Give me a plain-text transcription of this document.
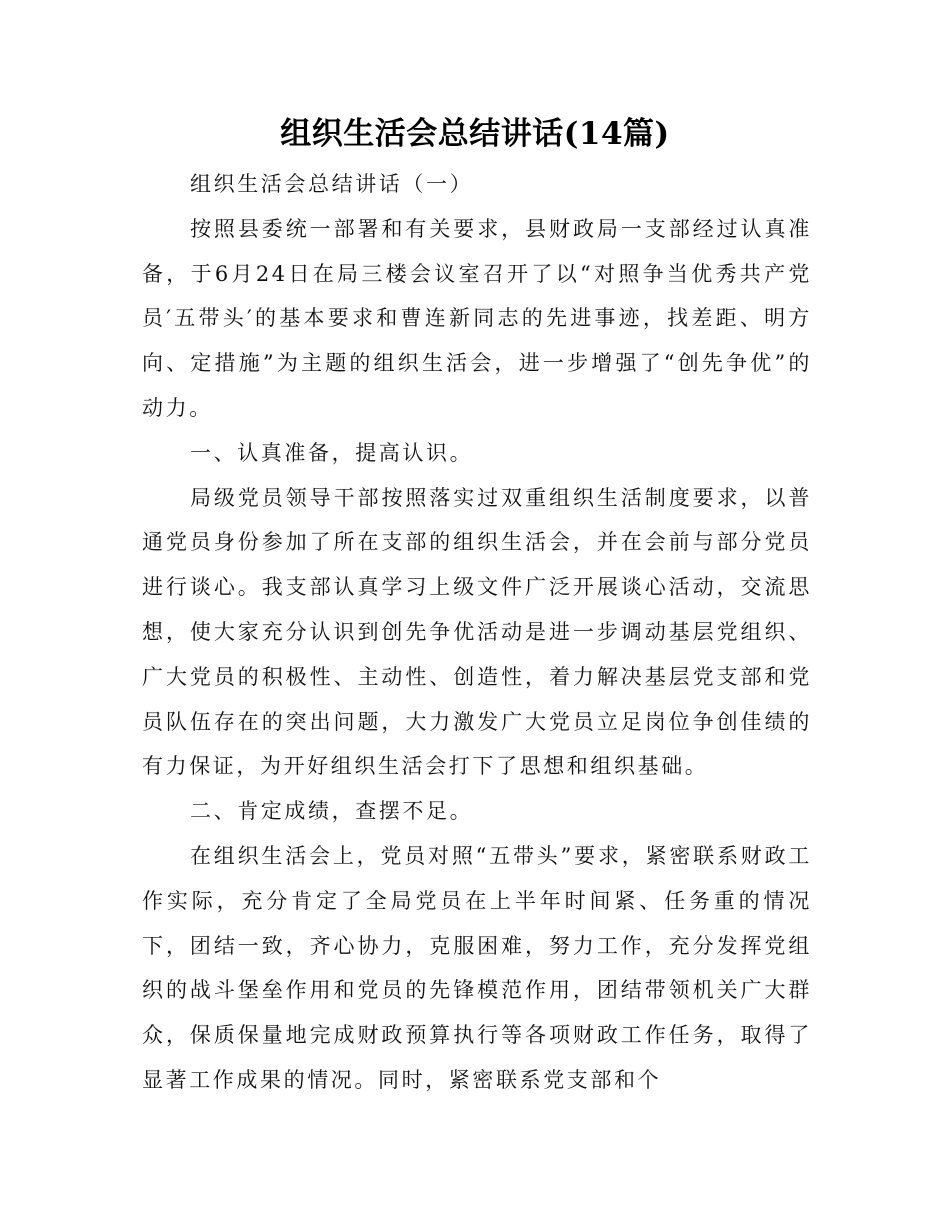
组织生活会总结讲话(14篇)

组织生活会总结讲话（一）

按照县委统一部署和有关要求，县财政局一支部经过认真准备，于6月24日在局三楼会议室召开了以“对照争当优秀共产党员′五带头′的基本要求和曹连新同志的先进事迹，找差距、明方向、定措施”为主题的组织生活会，进一步增强了“创先争优”的动力。

一、认真准备，提高认识。

局级党员领导干部按照落实过双重组织生活制度要求，以普通党员身份参加了所在支部的组织生活会，并在会前与部分党员进行谈心。我支部认真学习上级文件广泛开展谈心活动，交流思想，使大家充分认识到创先争优活动是进一步调动基层党组织、广大党员的积极性、主动性、创造性，着力解决基层党支部和党员队伍存在的突出问题，大力激发广大党员立足岗位争创佳绩的有力保证，为开好组织生活会打下了思想和组织基础。

二、肯定成绩，查摆不足。

在组织生活会上，党员对照“五带头”要求，紧密联系财政工作实际，充分肯定了全局党员在上半年时间紧、任务重的情况下，团结一致，齐心协力，克服困难，努力工作，充分发挥党组织的战斗堡垒作用和党员的先锋模范作用，团结带领机关广大群众，保质保量地完成财政预算执行等各项财政工作任务，取得了显著工作成果的情况。同时，紧密联系党支部和个
